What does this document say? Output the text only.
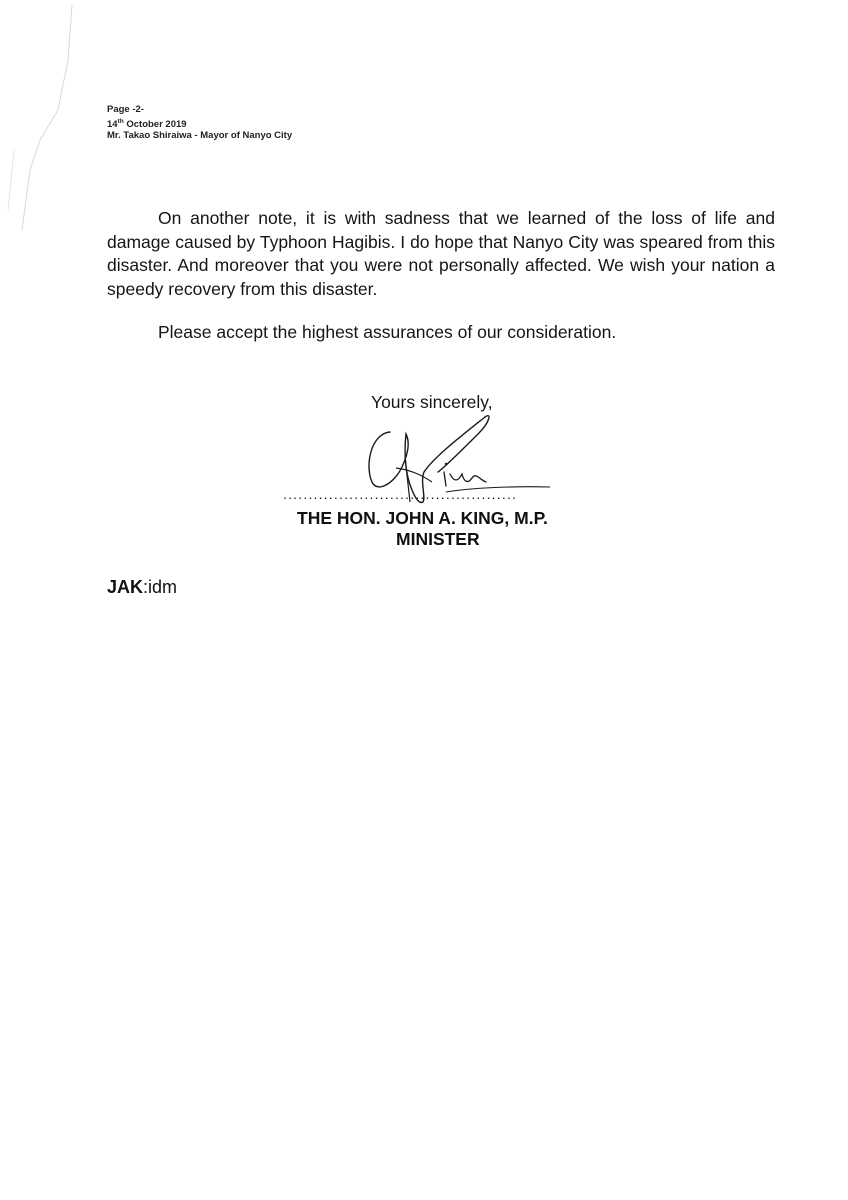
Page -2-
14th October 2019
Mr. Takao Shiraiwa - Mayor of Nanyo City

On another note, it is with sadness that we learned of the loss of life and damage caused by Typhoon Hagibis. I do hope that Nanyo City was speared from this disaster. And moreover that you were not personally affected. We wish your nation a speedy recovery from this disaster.

Please accept the highest assurances of our consideration.

Yours sincerely,
..............................................
THE HON. JOHN A. KING, M.P.
MINISTER
JAK:idm
